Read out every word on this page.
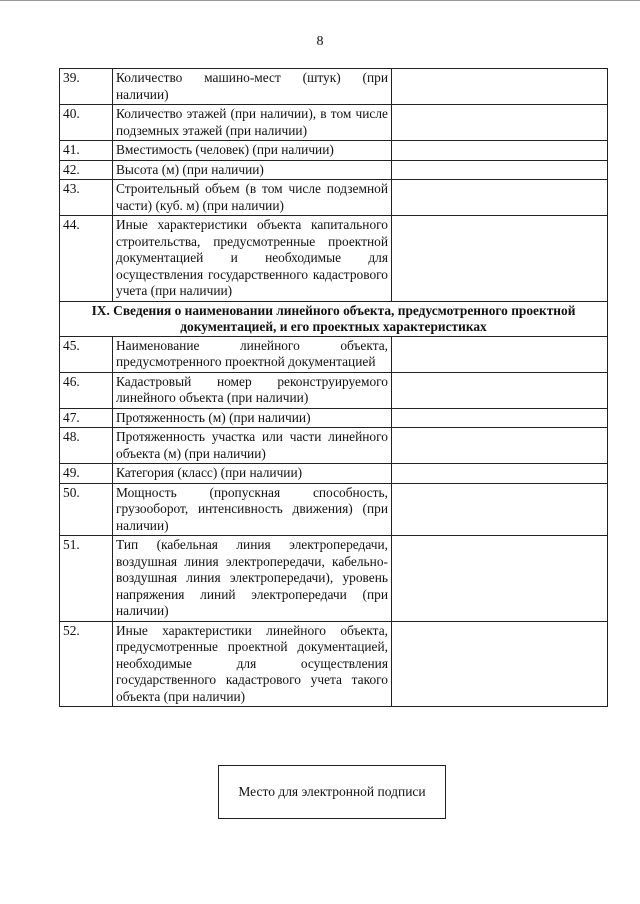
8
39.	Количество машино-мест (штук) (при наличии)	
40.	Количество этажей (при наличии), в том числе подземных этажей (при наличии)	
41.	Вместимость (человек) (при наличии)	
42.	Высота (м) (при наличии)	
43.	Строительный объем (в том числе подземной части) (куб. м) (при наличии)	
44.	Иные характеристики объекта капитального строительства, предусмотренные проектной документацией и необходимые для осуществления государственного кадастрового учета (при наличии)	
IX. Сведения о наименовании линейного объекта, предусмотренного проектной документацией, и его проектных характеристиках		
45.	Наименование линейного объекта, предусмотренного проектной документацией	
46.	Кадастровый номер реконструируемого линейного объекта (при наличии)	
47.	Протяженность (м) (при наличии)	
48.	Протяженность участка или части линейного объекта (м) (при наличии)	
49.	Категория (класс) (при наличии)	
50.	Мощность (пропускная способность, грузооборот, интенсивность движения) (при наличии)	
51.	Тип (кабельная линия электропередачи, воздушная линия электропередачи, кабельно-воздушная линия электропередачи), уровень напряжения линий электропередачи (при наличии)	
52.	Иные характеристики линейного объекта, предусмотренные проектной документацией, необходимые для осуществления государственного кадастрового учета такого объекта (при наличии)	
Место для электронной подписи
